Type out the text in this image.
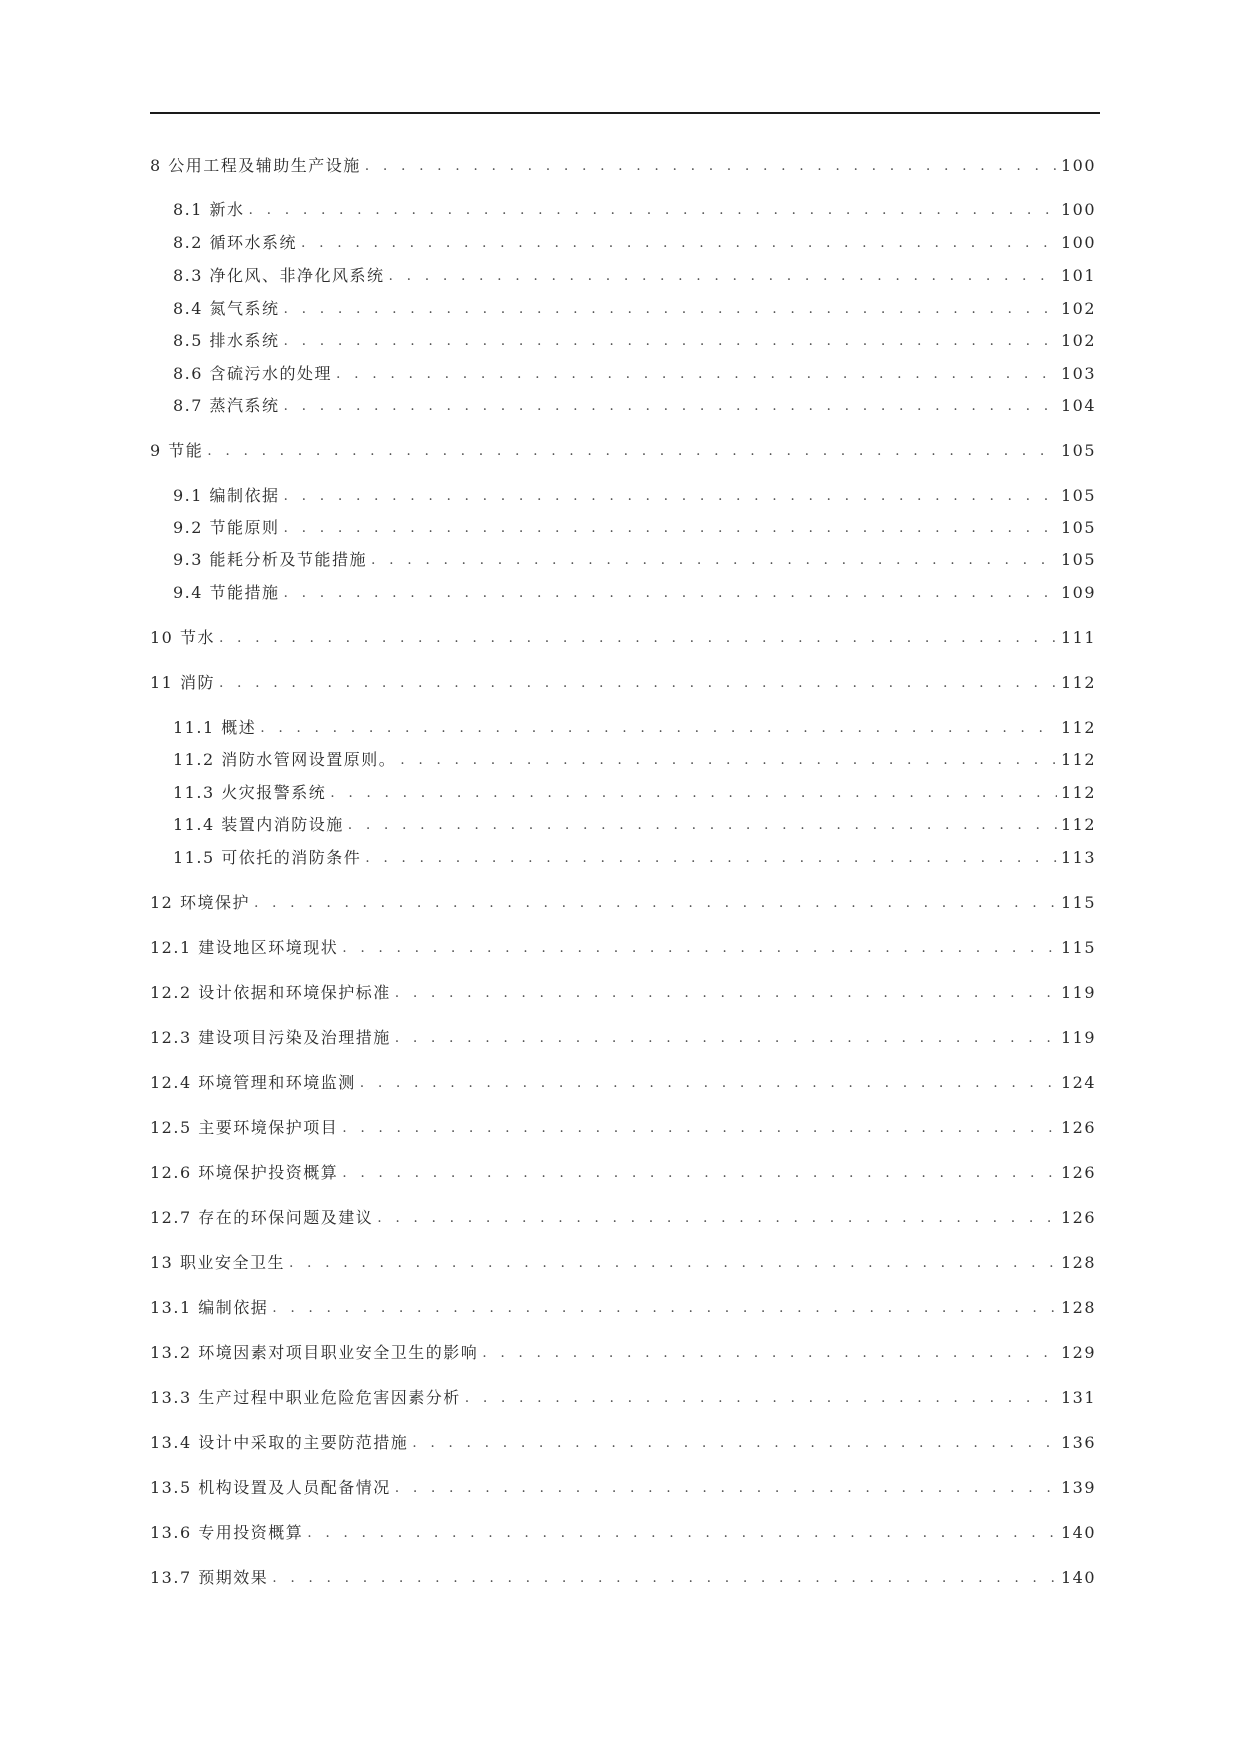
8 公用工程及辅助生产设施 . . .	100
8.1 新水 . . .	100
8.2 循环水系统 . . .	100
8.3 净化风、非净化风系统 . . .	101
8.4 氮气系统 . . .	102
8.5 排水系统 . . .	102
8.6 含硫污水的处理 . . .	103
8.7 蒸汽系统 . . .	104
9 节能 . . .	105
9.1 编制依据 . . .	105
9.2 节能原则 . . .	105
9.3 能耗分析及节能措施 . . .	105
9.4 节能措施 . . .	109
10 节水 . . .	111
11 消防 . . .	112
11.1 概述 . . .	112
11.2 消防水管网设置原则。 . . .	112
11.3 火灾报警系统 . . .	112
11.4 装置内消防设施 . . .	112
11.5 可依托的消防条件 . . .	113
12 环境保护 . . .	115
12.1 建设地区环境现状 . . .	115
12.2 设计依据和环境保护标准 . . .	119
12.3 建设项目污染及治理措施 . . .	119
12.4 环境管理和环境监测 . . .	124
12.5 主要环境保护项目 . . .	126
12.6 环境保护投资概算 . . .	126
12.7 存在的环保问题及建议 . . .	126
13 职业安全卫生 . . .	128
13.1 编制依据 . . .	128
13.2 环境因素对项目职业安全卫生的影响 . . .	129
13.3 生产过程中职业危险危害因素分析 . . .	131
13.4 设计中采取的主要防范措施 . . .	136
13.5 机构设置及人员配备情况 . . .	139
13.6 专用投资概算 . . .	140
13.7 预期效果 . . .	140
